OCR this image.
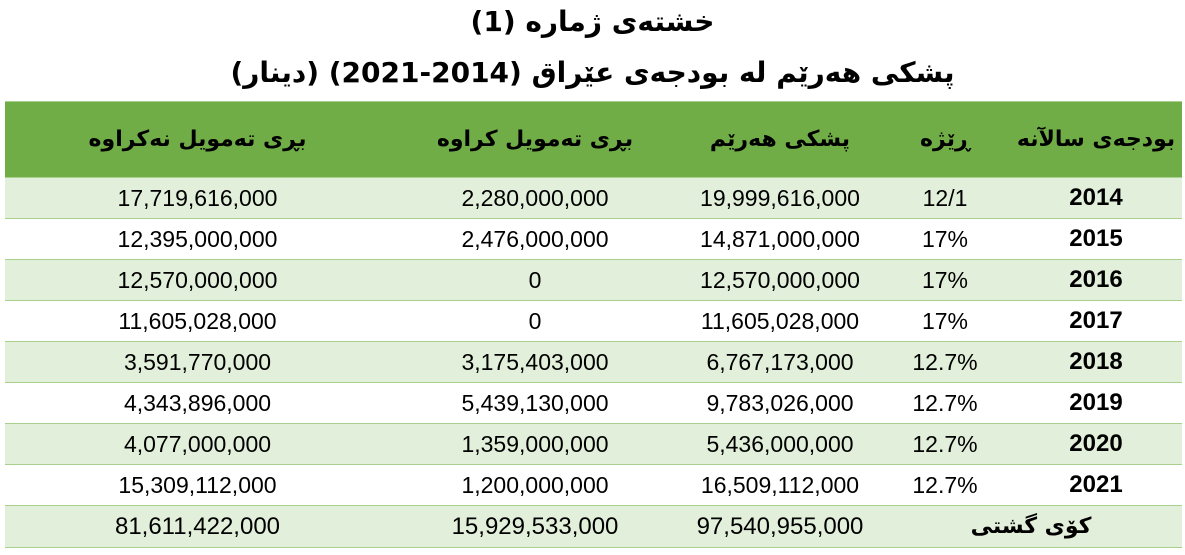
خشتەی ژمارە (1)
پشکی هەرێم لە بودجەی عێراق (2014-2021) (دینار)
بڕی تەمویل نەکراوە	بڕی تەمویل کراوە	پشکی هەرێم	ڕێژە	بودجەی سالآنە
17,719,616,000	2,280,000,000	19,999,616,000	12/1	2014
12,395,000,000	2,476,000,000	14,871,000,000	17%	2015
12,570,000,000	0	12,570,000,000	17%	2016
11,605,028,000	0	11,605,028,000	17%	2017
3,591,770,000	3,175,403,000	6,767,173,000	12.7%	2018
4,343,896,000	5,439,130,000	9,783,026,000	12.7%	2019
4,077,000,000	1,359,000,000	5,436,000,000	12.7%	2020
15,309,112,000	1,200,000,000	16,509,112,000	12.7%	2021
81,611,422,000	15,929,533,000	97,540,955,000	کۆی گشتی	
